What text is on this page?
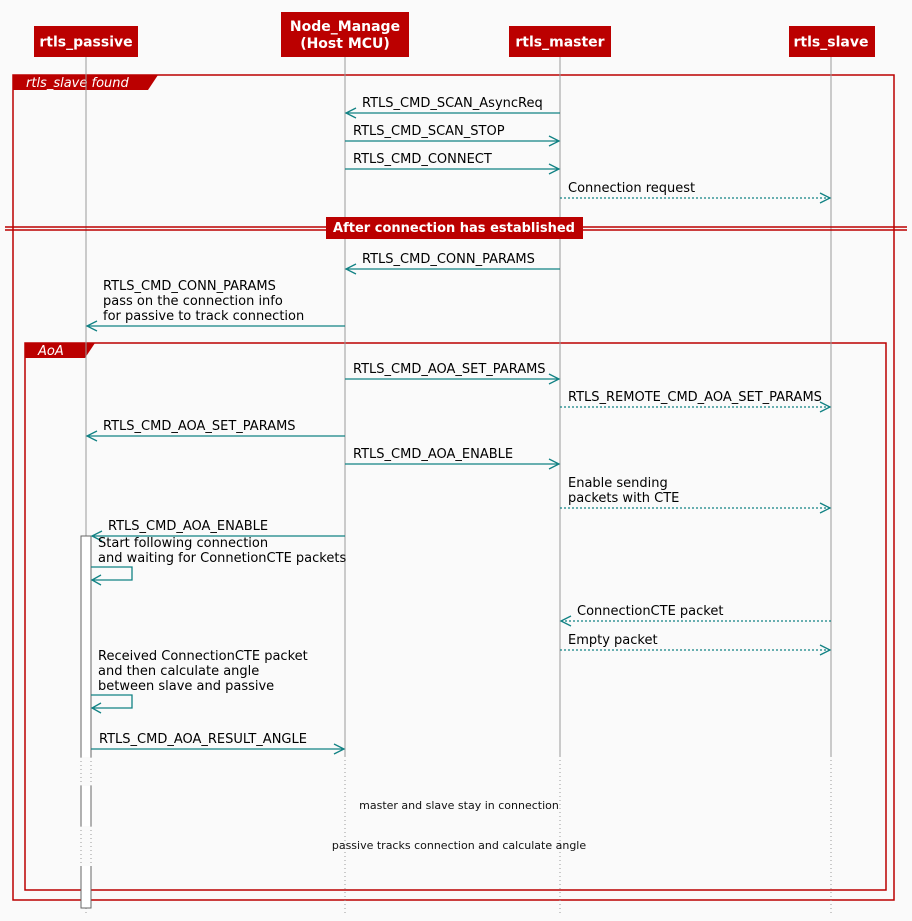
rtls_slave found
AoA
RTLS_CMD_SCAN_AsyncReq
RTLS_CMD_SCAN_STOP
RTLS_CMD_CONNECT
Connection request
RTLS_CMD_CONN_PARAMS
RTLS_CMD_CONN_PARAMS
pass on the connection info
for passive to track connection
RTLS_CMD_AOA_SET_PARAMS
RTLS_REMOTE_CMD_AOA_SET_PARAMS
RTLS_CMD_AOA_SET_PARAMS
RTLS_CMD_AOA_ENABLE
Enable sending
packets with CTE
RTLS_CMD_AOA_ENABLE
Start following connection
and waiting for ConnetionCTE packets
ConnectionCTE packet
Empty packet
Received ConnectionCTE packet
and then calculate angle
between slave and passive
RTLS_CMD_AOA_RESULT_ANGLE
master and slave stay in connection
passive tracks connection and calculate angle
After connection has established
rtls_passive
Node_Manage
(Host MCU)	rtls_master	rtls_slave
